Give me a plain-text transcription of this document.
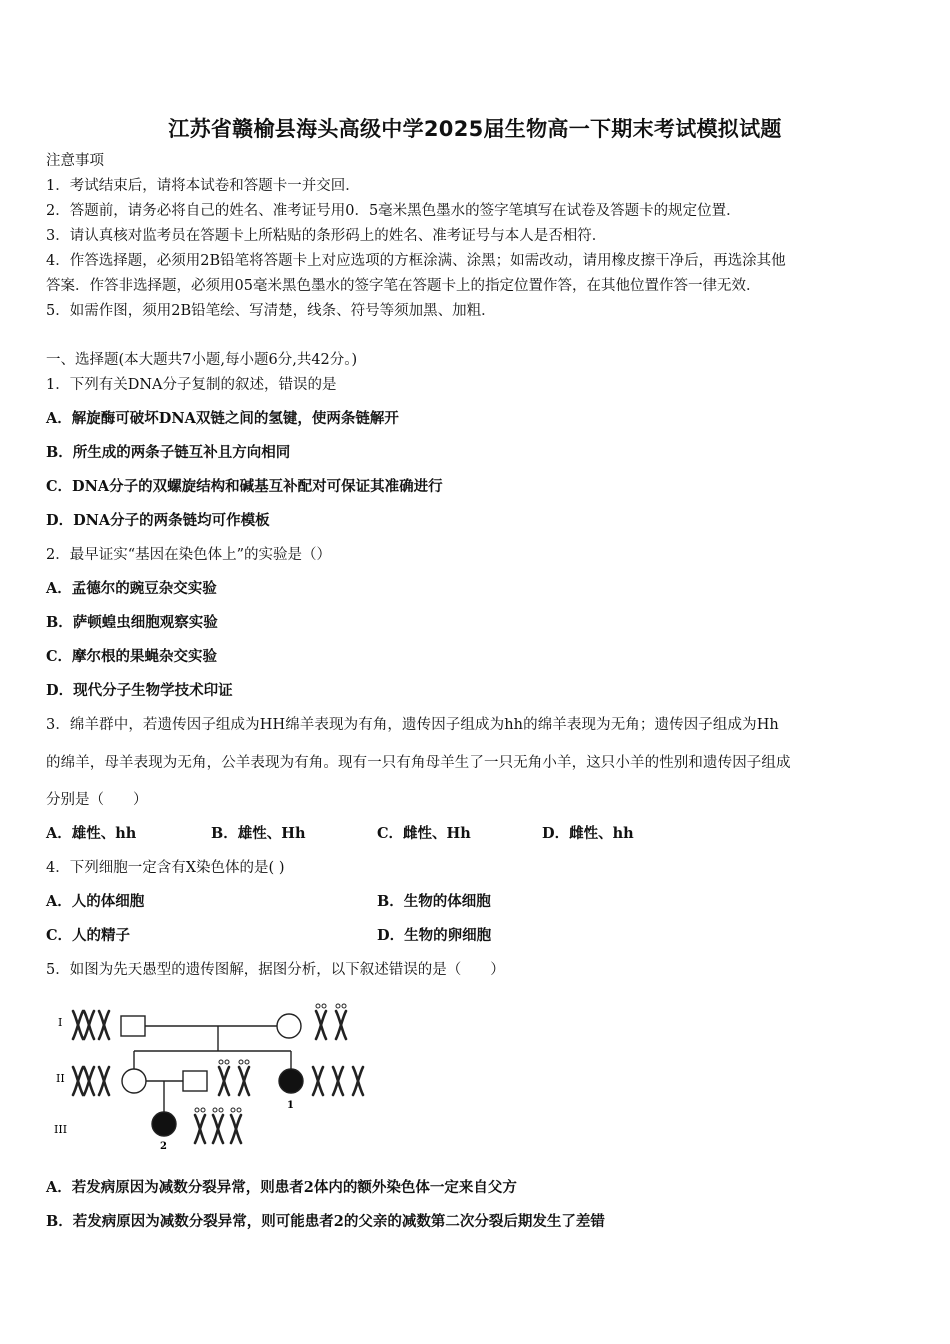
江苏省赣榆县海头高级中学2025届生物高一下期末考试模拟试题
注意事项
1．考试结束后，请将本试卷和答题卡一并交回．
2．答题前，请务必将自己的姓名、准考证号用0．5毫米黑色墨水的签字笔填写在试卷及答题卡的规定位置．
3．请认真核对监考员在答题卡上所粘贴的条形码上的姓名、准考证号与本人是否相符．
4．作答选择题，必须用2B铅笔将答题卡上对应选项的方框涂满、涂黑；如需改动，请用橡皮擦干净后，再选涂其他
答案．作答非选择题，必须用05毫米黑色墨水的签字笔在答题卡上的指定位置作答，在其他位置作答一律无效．
5．如需作图，须用2B铅笔绘、写清楚，线条、符号等须加黑、加粗．
一、选择题(本大题共7小题,每小题6分,共42分。)
1．下列有关DNA分子复制的叙述，错误的是
A．解旋酶可破坏DNA双链之间的氢键，使两条链解开
B．所生成的两条子链互补且方向相同
C．DNA分子的双螺旋结构和碱基互补配对可保证其准确进行
D．DNA分子的两条链均可作模板
2．最早证实“基因在染色体上”的实验是（）
A．孟德尔的豌豆杂交实验
B．萨顿蝗虫细胞观察实验
C．摩尔根的果蝇杂交实验
D．现代分子生物学技术印证
3．绵羊群中，若遗传因子组成为HH绵羊表现为有角，遗传因子组成为hh的绵羊表现为无角；遗传因子组成为Hh
的绵羊，母羊表现为无角，公羊表现为有角。现有一只有角母羊生了一只无角小羊，这只小羊的性别和遗传因子组成
分别是（　　）
A．雄性、hh	B．雄性、Hh	C．雌性、Hh	D．雌性、hh
4．下列细胞一定含有X染色体的是( )
A．人的体细胞	B．生物的体细胞
C．人的精子	D．生物的卵细胞
5．如图为先天愚型的遗传图解，据图分析，以下叙述错误的是（　　）
I
II
III
1
2
A．若发病原因为减数分裂异常，则患者2体内的额外染色体一定来自父方
B．若发病原因为减数分裂异常，则可能患者2的父亲的减数第二次分裂后期发生了差错
